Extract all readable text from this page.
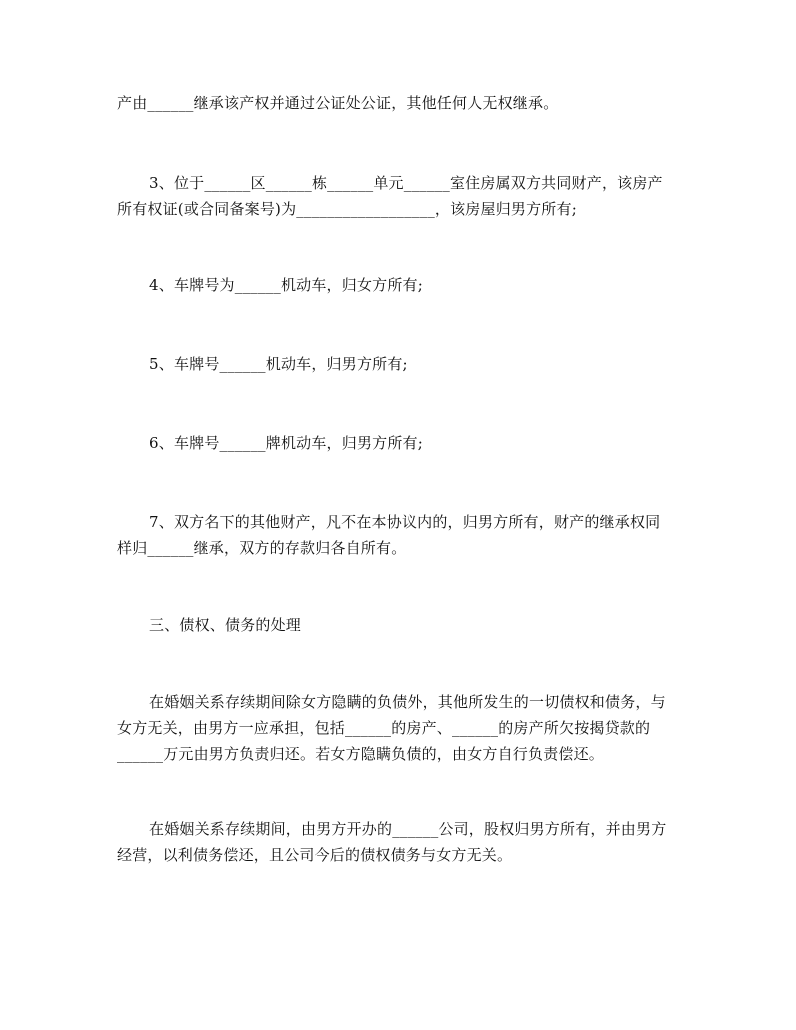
产由______继承该产权并通过公证处公证，其他任何人无权继承。

3、位于______区______栋______单元______室住房属双方共同财产，该房产
所有权证(或合同备案号)为__________________，该房屋归男方所有;

4、车牌号为______机动车，归女方所有;

5、车牌号______机动车，归男方所有;

6、车牌号______牌机动车，归男方所有;

7、双方名下的其他财产，凡不在本协议内的，归男方所有，财产的继承权同
样归______继承，双方的存款归各自所有。

三、债权、债务的处理

在婚姻关系存续期间除女方隐瞒的负债外，其他所发生的一切债权和债务，与
女方无关，由男方一应承担，包括______的房产、______的房产所欠按揭贷款的
______万元由男方负责归还。若女方隐瞒负债的，由女方自行负责偿还。

在婚姻关系存续期间，由男方开办的______公司，股权归男方所有，并由男方
经营，以利债务偿还，且公司今后的债权债务与女方无关。
